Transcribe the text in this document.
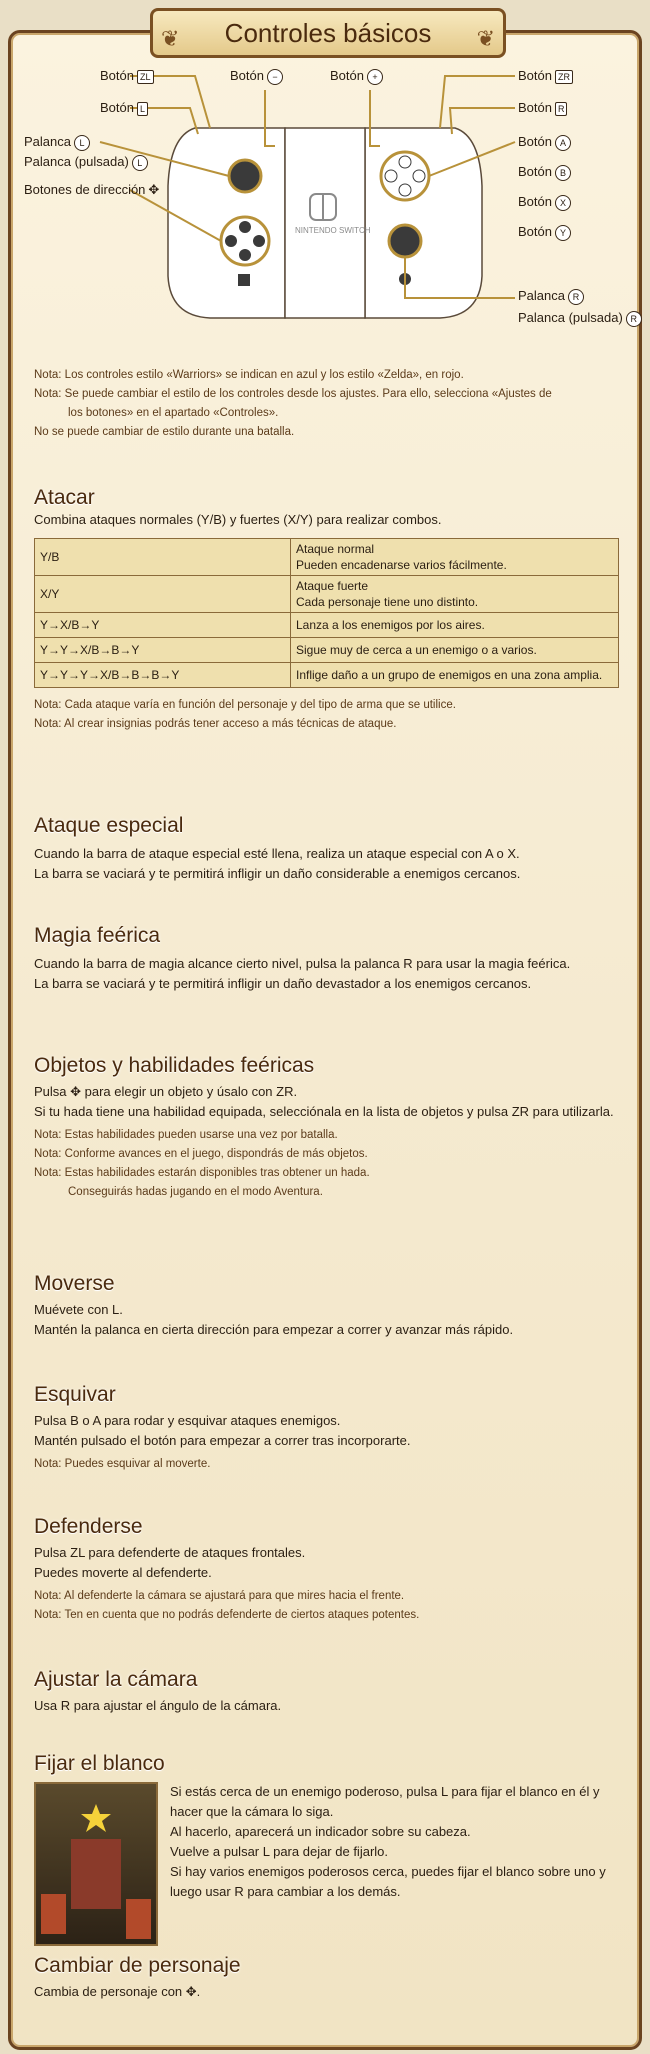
❦ Controles básicos ❦
Botón ZL
Botón L
Botón −	Botón +	Botón ZR
Botón R
Palanca L
Palanca (pulsada) L
Botones de dirección ✥
Botón A
Botón B
Botón X
Botón Y
Palanca R
Palanca (pulsada) R
NINTENDO SWITCH

Nota: Los controles estilo «Warriors» se indican en azul y los estilo «Zelda», en rojo.

Nota: Se puede cambiar el estilo de los controles desde los ajustes. Para ello, selecciona «Ajustes de

los botones» en el apartado «Controles».

No se puede cambiar de estilo durante una batalla.

Atacar

Combina ataques normales (Y/B) y fuertes (X/Y) para realizar combos.

Y/B	Ataque normal
Pueden encadenarse varios fácilmente.

X/Y	Ataque fuerte
Cada personaje tiene uno distinto.

Y→X/B→Y	Lanza a los enemigos por los aires.
Y→Y→X/B→B→Y	Sigue muy de cerca a un enemigo o a varios.
Y→Y→Y→X/B→B→B→Y	Inflige daño a un grupo de enemigos en una zona amplia.

Nota: Cada ataque varía en función del personaje y del tipo de arma que se utilice.

Nota: Al crear insignias podrás tener acceso a más técnicas de ataque.

Ataque especial

Cuando la barra de ataque especial esté llena, realiza un ataque especial con A o X.

La barra se vaciará y te permitirá infligir un daño considerable a enemigos cercanos.

Magia feérica

Cuando la barra de magia alcance cierto nivel, pulsa la palanca R para usar la magia feérica.

La barra se vaciará y te permitirá infligir un daño devastador a los enemigos cercanos.

Objetos y habilidades feéricas

Pulsa ✥ para elegir un objeto y úsalo con ZR.

Si tu hada tiene una habilidad equipada, selecciónala en la lista de objetos y pulsa ZR para utilizarla.

Nota: Estas habilidades pueden usarse una vez por batalla.

Nota: Conforme avances en el juego, dispondrás de más objetos.

Nota: Estas habilidades estarán disponibles tras obtener un hada.

Conseguirás hadas jugando en el modo Aventura.

Moverse

Muévete con L.

Mantén la palanca en cierta dirección para empezar a correr y avanzar más rápido.

Esquivar

Pulsa B o A para rodar y esquivar ataques enemigos.

Mantén pulsado el botón para empezar a correr tras incorporarte.

Nota: Puedes esquivar al moverte.

Defenderse

Pulsa ZL para defenderte de ataques frontales.

Puedes moverte al defenderte.

Nota: Al defenderte la cámara se ajustará para que mires hacia el frente.

Nota: Ten en cuenta que no podrás defenderte de ciertos ataques potentes.

Ajustar la cámara

Usa R para ajustar el ángulo de la cámara.

Fijar el blanco

Si estás cerca de un enemigo poderoso, pulsa L para fijar el blanco en él y hacer que la cámara lo siga.

Al hacerlo, aparecerá un indicador sobre su cabeza.

Vuelve a pulsar L para dejar de fijarlo.

Si hay varios enemigos poderosos cerca, puedes fijar el blanco sobre uno y luego usar R para cambiar a los demás.

Cambiar de personaje

Cambia de personaje con ✥.
